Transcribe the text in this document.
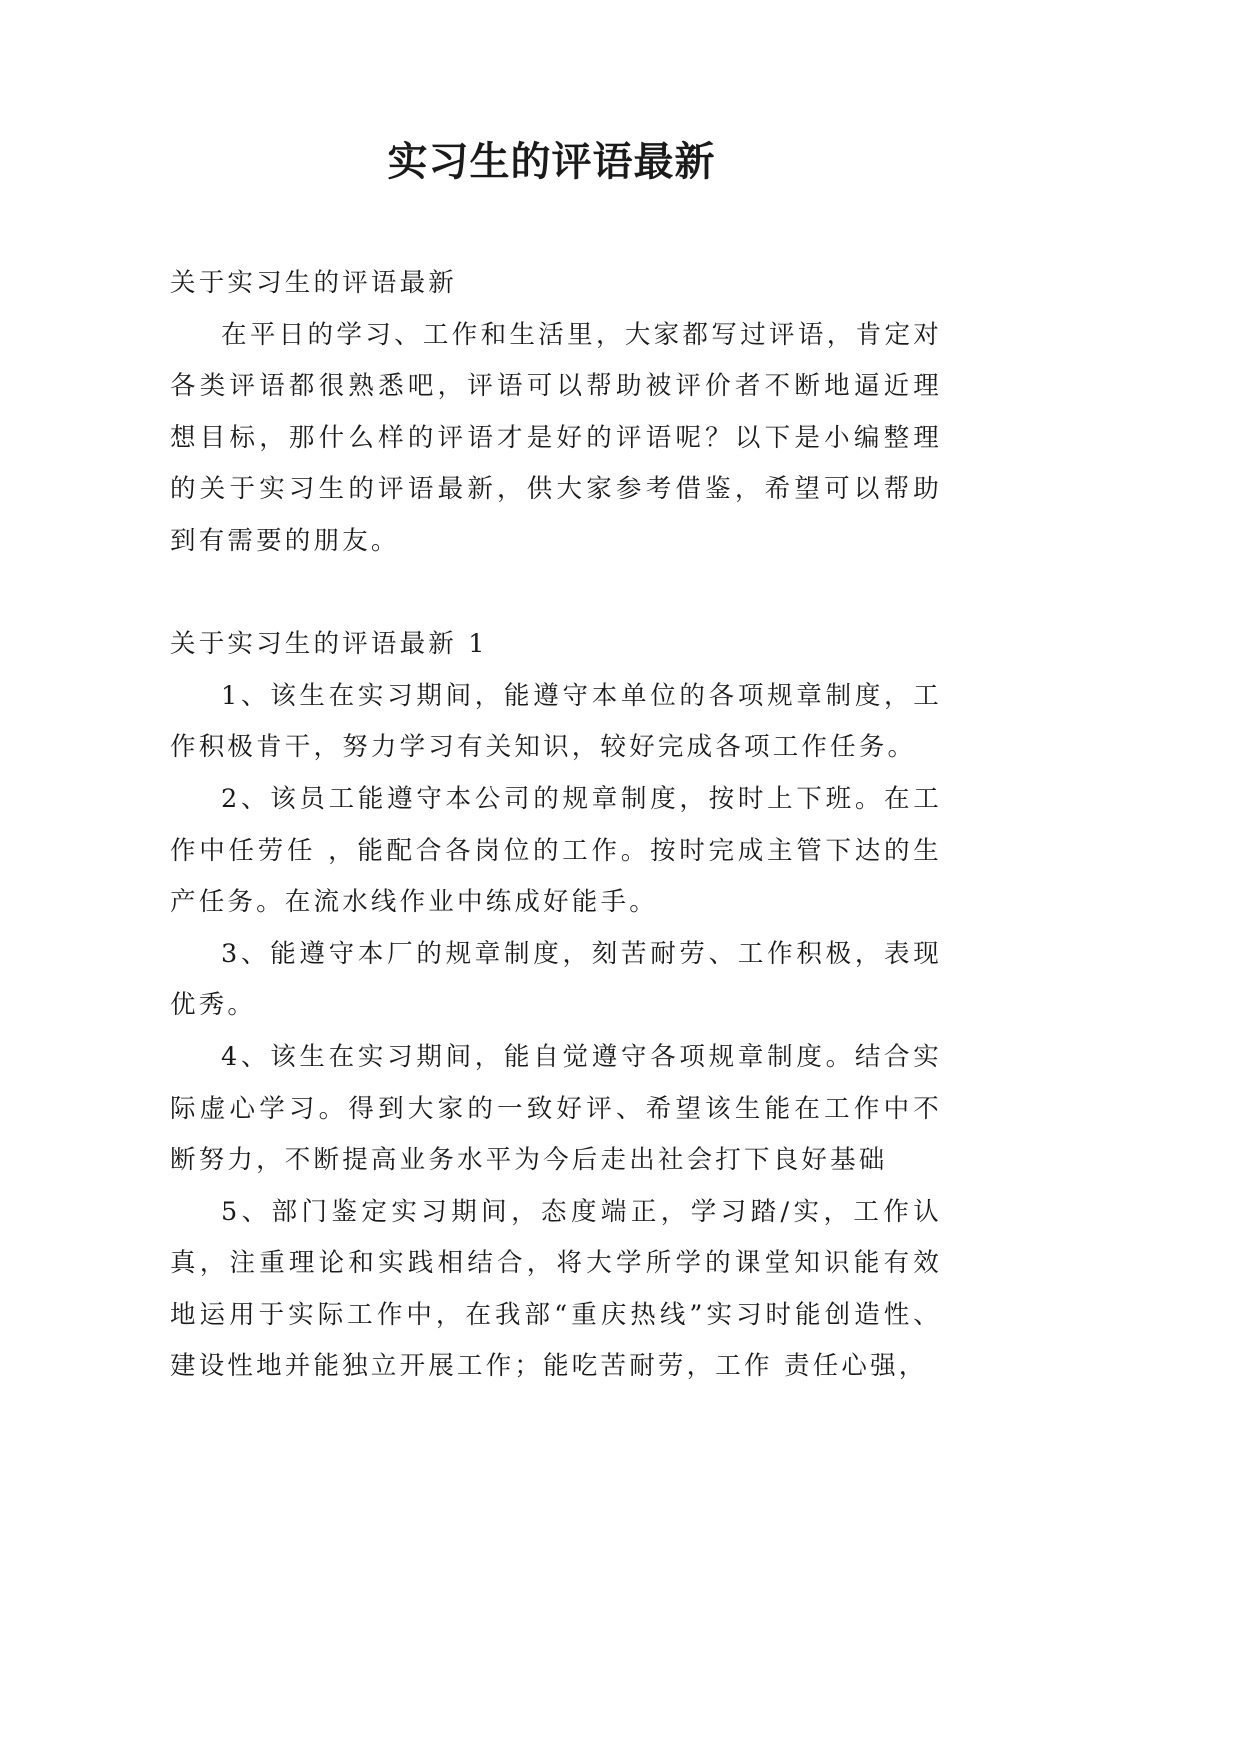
实习生的评语最新

关于实习生的评语最新

在平日的学习、工作和生活里，大家都写过评语，肯定对各类评语都很熟悉吧，评语可以帮助被评价者不断地逼近理想目标，那什么样的评语才是好的评语呢？以下是小编整理的关于实习生的评语最新，供大家参考借鉴，希望可以帮助到有需要的朋友。

关于实习生的评语最新 1

1、该生在实习期间，能遵守本单位的各项规章制度，工作积极肯干，努力学习有关知识，较好完成各项工作任务。

2、该员工能遵守本公司的规章制度，按时上下班。在工作中任劳任 ，能配合各岗位的工作。按时完成主管下达的生产任务。在流水线作业中练成好能手。

3、能遵守本厂的规章制度，刻苦耐劳、工作积极，表现优秀。

4、该生在实习期间，能自觉遵守各项规章制度。结合实际虚心学习。得到大家的一致好评、希望该生能在工作中不断努力，不断提高业务水平为今后走出社会打下良好基础

5、部门鉴定实习期间，态度端正，学习踏/实，工作认真，注重理论和实践相结合，将大学所学的课堂知识能有效地运用于实际工作中，在我部“重庆热线”实习时能创造性、建设性地并能独立开展工作；能吃苦耐劳，工作 责任心强，
